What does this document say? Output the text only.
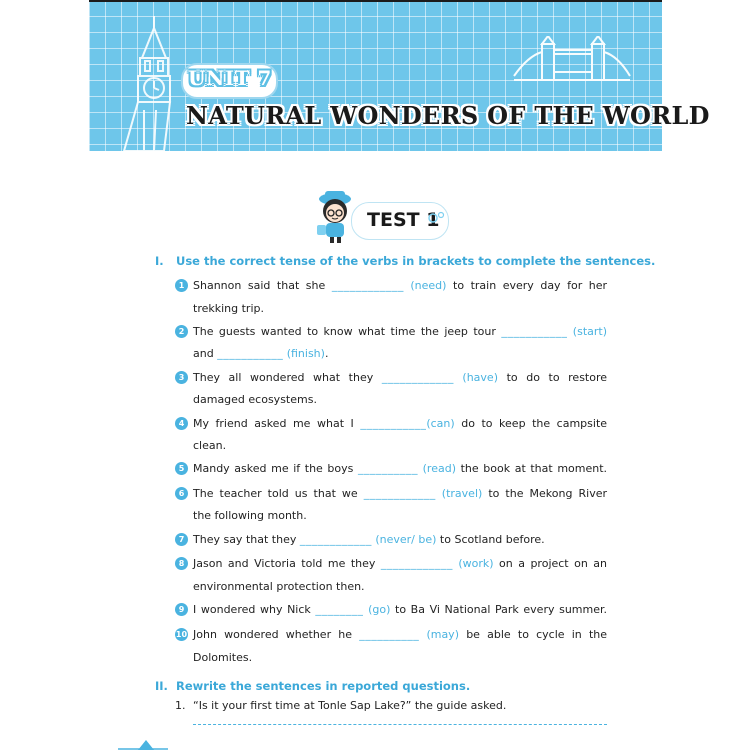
UNIT 7
NATURAL WONDERS OF THE WORLD
TEST 1
I. Use the correct tense of the verbs in brackets to complete the sentences.
1 Shannon said that she ____________ (need) to train every day for her
trekking trip.
2 The guests wanted to know what time the jeep tour ___________ (start)
and ___________ (finish).
3 They all wondered what they ____________ (have) to do to restore
damaged ecosystems.
4 My friend asked me what I ___________(can) do to keep the campsite
clean.
5 Mandy asked me if the boys __________ (read) the book at that moment.
6 The teacher told us that we ____________ (travel) to the Mekong River
the following month.
7 They say that they ____________ (never/ be) to Scotland before.
8 Jason and Victoria told me they ____________ (work) on a project on an
environmental protection then.
9 I wondered why Nick ________ (go) to Ba Vi National Park every summer.
10 John wondered whether he __________ (may) be able to cycle in the
Dolomites.
II. Rewrite the sentences in reported questions.
1. “Is it your first time at Tonle Sap Lake?” the guide asked.
